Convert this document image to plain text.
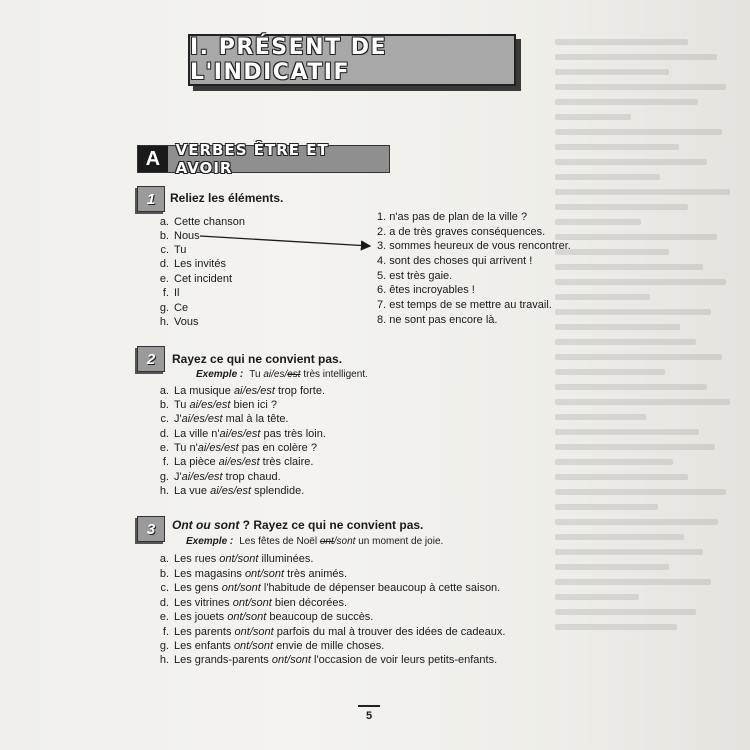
I. PRÉSENT DE L'INDICATIF
A	VERBES ÊTRE ET AVOIR
1	Reliez les éléments.
a. Cette chanson
b. Nous
c. Tu
d. Les invités
e. Cet incident
f. Il
g. Ce
h. Vous
1. n'as pas de plan de la ville ?
2. a de très graves conséquences.
3. sommes heureux de vous rencontrer.
4. sont des choses qui arrivent !
5. est très gaie.
6. êtes incroyables !
7. est temps de se mettre au travail.
8. ne sont pas encore là.
2	Rayez ce qui ne convient pas.
Exemple : Tu ai/es/est très intelligent.
a. La musique ai/es/est trop forte.
b. Tu ai/es/est bien ici ?
c. J'ai/es/est mal à la tête.
d. La ville n'ai/es/est pas très loin.
e. Tu n'ai/es/est pas en colère ?
f. La pièce ai/es/est très claire.
g. J'ai/es/est trop chaud.
h. La vue ai/es/est splendide.
3	Ont ou sont ? Rayez ce qui ne convient pas.
Exemple : Les fêtes de Noël ont/sont un moment de joie.
a. Les rues ont/sont illuminées.
b. Les magasins ont/sont très animés.
c. Les gens ont/sont l'habitude de dépenser beaucoup à cette saison.
d. Les vitrines ont/sont bien décorées.
e. Les jouets ont/sont beaucoup de succès.
f. Les parents ont/sont parfois du mal à trouver des idées de cadeaux.
g. Les enfants ont/sont envie de mille choses.
h. Les grands-parents ont/sont l'occasion de voir leurs petits-enfants.
5
